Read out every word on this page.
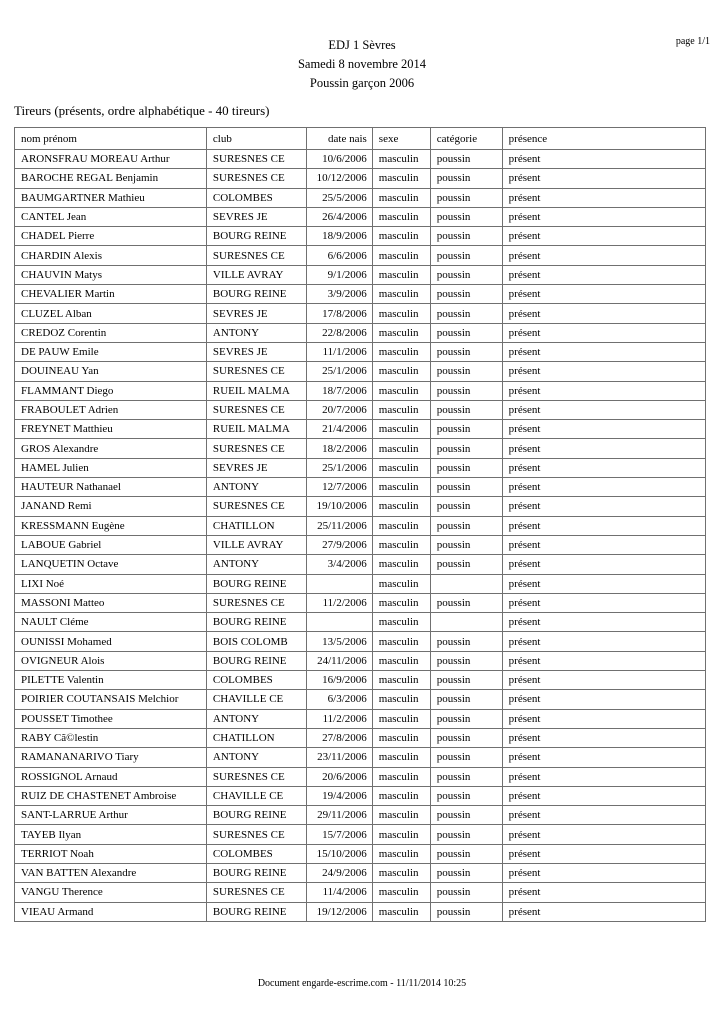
EDJ 1 Sèvres
Samedi 8 novembre 2014
Poussin garçon 2006
page 1/1
Tireurs (présents, ordre alphabétique - 40 tireurs)
nom prénom	club	date nais	sexe	catégorie	présence
ARONSFRAU MOREAU Arthur	SURESNES CE	10/6/2006	masculin	poussin	présent
BAROCHE REGAL Benjamin	SURESNES CE	10/12/2006	masculin	poussin	présent
BAUMGARTNER Mathieu	COLOMBES	25/5/2006	masculin	poussin	présent
CANTEL Jean	SEVRES JE	26/4/2006	masculin	poussin	présent
CHADEL Pierre	BOURG REINE	18/9/2006	masculin	poussin	présent
CHARDIN Alexis	SURESNES CE	6/6/2006	masculin	poussin	présent
CHAUVIN Matys	VILLE AVRAY	9/1/2006	masculin	poussin	présent
CHEVALIER Martin	BOURG REINE	3/9/2006	masculin	poussin	présent
CLUZEL Alban	SEVRES JE	17/8/2006	masculin	poussin	présent
CREDOZ Corentin	ANTONY	22/8/2006	masculin	poussin	présent
DE PAUW Emile	SEVRES JE	11/1/2006	masculin	poussin	présent
DOUINEAU Yan	SURESNES CE	25/1/2006	masculin	poussin	présent
FLAMMANT Diego	RUEIL MALMA	18/7/2006	masculin	poussin	présent
FRABOULET Adrien	SURESNES CE	20/7/2006	masculin	poussin	présent
FREYNET Matthieu	RUEIL MALMA	21/4/2006	masculin	poussin	présent
GROS Alexandre	SURESNES CE	18/2/2006	masculin	poussin	présent
HAMEL Julien	SEVRES JE	25/1/2006	masculin	poussin	présent
HAUTEUR Nathanael	ANTONY	12/7/2006	masculin	poussin	présent
JANAND Remi	SURESNES CE	19/10/2006	masculin	poussin	présent
KRESSMANN Eugène	CHATILLON	25/11/2006	masculin	poussin	présent
LABOUE Gabriel	VILLE AVRAY	27/9/2006	masculin	poussin	présent
LANQUETIN Octave	ANTONY	3/4/2006	masculin	poussin	présent
LIXI Noé	BOURG REINE		masculin		présent
MASSONI Matteo	SURESNES CE	11/2/2006	masculin	poussin	présent
NAULT Cléme	BOURG REINE		masculin		présent
OUNISSI Mohamed	BOIS COLOMB	13/5/2006	masculin	poussin	présent
OVIGNEUR Alois	BOURG REINE	24/11/2006	masculin	poussin	présent
PILETTE Valentin	COLOMBES	16/9/2006	masculin	poussin	présent
POIRIER COUTANSAIS Melchior	CHAVILLE CE	6/3/2006	masculin	poussin	présent
POUSSET Timothee	ANTONY	11/2/2006	masculin	poussin	présent
RABY Cã©lestin	CHATILLON	27/8/2006	masculin	poussin	présent
RAMANANARIVO Tiary	ANTONY	23/11/2006	masculin	poussin	présent
ROSSIGNOL Arnaud	SURESNES CE	20/6/2006	masculin	poussin	présent
RUIZ DE CHASTENET Ambroise	CHAVILLE CE	19/4/2006	masculin	poussin	présent
SANT-LARRUE Arthur	BOURG REINE	29/11/2006	masculin	poussin	présent
TAYEB Ilyan	SURESNES CE	15/7/2006	masculin	poussin	présent
TERRIOT Noah	COLOMBES	15/10/2006	masculin	poussin	présent
VAN BATTEN Alexandre	BOURG REINE	24/9/2006	masculin	poussin	présent
VANGU Therence	SURESNES CE	11/4/2006	masculin	poussin	présent
VIEAU Armand	BOURG REINE	19/12/2006	masculin	poussin	présent
Document engarde-escrime.com - 11/11/2014 10:25
